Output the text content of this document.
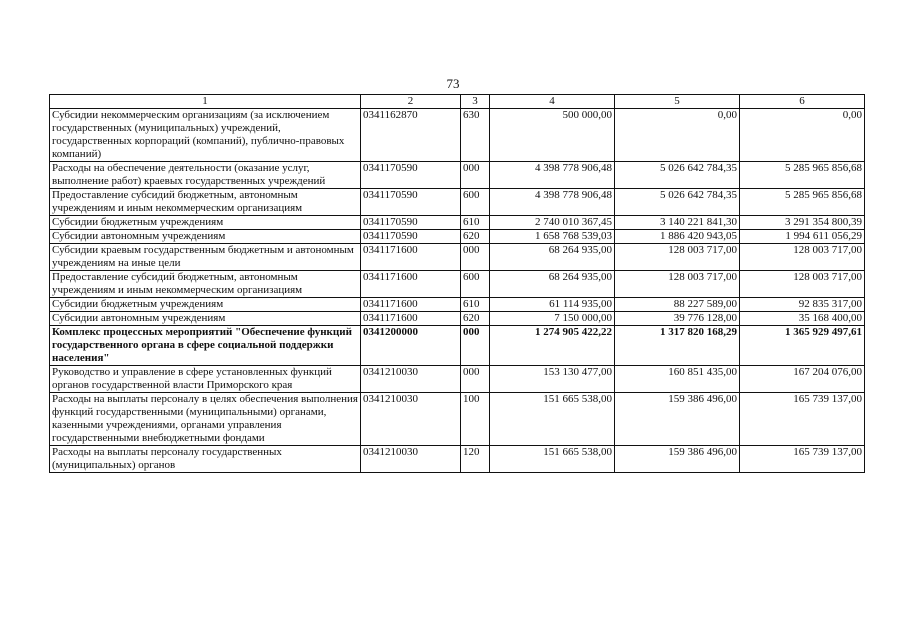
73
1	2	3	4	5	6
Субсидии некоммерческим организациям (за исключением государственных (муниципальных) учреждений, государственных корпораций (компаний), публично-правовых компаний)	0341162870	630	500 000,00	0,00	0,00
Расходы на обеспечение деятельности (оказание услуг, выполнение работ) краевых государственных учреждений	0341170590	000	4 398 778 906,48	5 026 642 784,35	5 285 965 856,68
Предоставление субсидий бюджетным, автономным учреждениям и иным некоммерческим организациям	0341170590	600	4 398 778 906,48	5 026 642 784,35	5 285 965 856,68
Субсидии бюджетным учреждениям	0341170590	610	2 740 010 367,45	3 140 221 841,30	3 291 354 800,39
Субсидии автономным учреждениям	0341170590	620	1 658 768 539,03	1 886 420 943,05	1 994 611 056,29
Субсидии краевым государственным бюджетным и автономным учреждениям на иные цели	0341171600	000	68 264 935,00	128 003 717,00	128 003 717,00
Предоставление субсидий бюджетным, автономным учреждениям и иным некоммерческим организациям	0341171600	600	68 264 935,00	128 003 717,00	128 003 717,00
Субсидии бюджетным учреждениям	0341171600	610	61 114 935,00	88 227 589,00	92 835 317,00
Субсидии автономным учреждениям	0341171600	620	7 150 000,00	39 776 128,00	35 168 400,00
Комплекс процессных мероприятий "Обеспечение функций государственного органа в сфере социальной поддержки населения"	0341200000	000	1 274 905 422,22	1 317 820 168,29	1 365 929 497,61
Руководство и управление в сфере установленных функций органов государственной власти Приморского края	0341210030	000	153 130 477,00	160 851 435,00	167 204 076,00
Расходы на выплаты персоналу в целях обеспечения выполнения функций государственными (муниципальными) органами, казенными учреждениями, органами управления государственными внебюджетными фондами	0341210030	100	151 665 538,00	159 386 496,00	165 739 137,00
Расходы на выплаты персоналу государственных (муниципальных) органов	0341210030	120	151 665 538,00	159 386 496,00	165 739 137,00
